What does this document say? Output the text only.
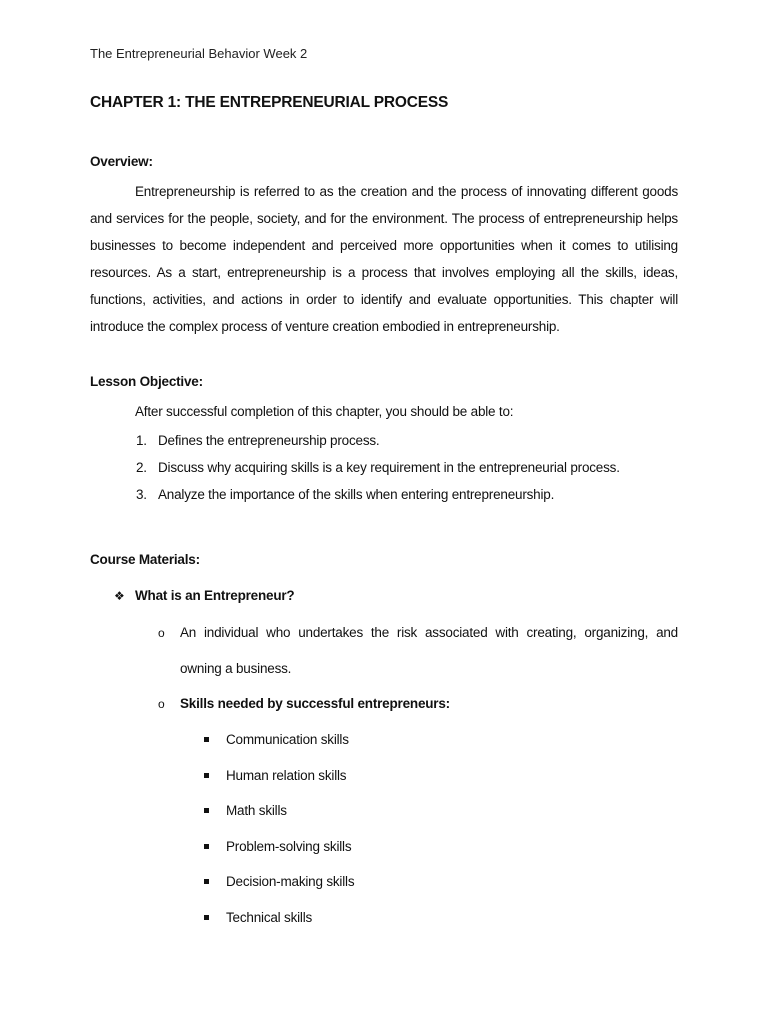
The Entrepreneurial Behavior Week 2
CHAPTER 1: THE ENTREPRENEURIAL PROCESS
Overview:
Entrepreneurship is referred to as the creation and the process of innovating different goods and services for the people, society, and for the environment. The process of entrepreneurship helps businesses to become independent and perceived more opportunities when it comes to utilising resources. As a start, entrepreneurship is a process that involves employing all the skills, ideas, functions, activities, and actions in order to identify and evaluate opportunities. This chapter will introduce the complex process of venture creation embodied in entrepreneurship.
Lesson Objective:
After successful completion of this chapter, you should be able to:
1. Defines the entrepreneurship process.
2. Discuss why acquiring skills is a key requirement in the entrepreneurial process.
3. Analyze the importance of the skills when entering entrepreneurship.
Course Materials:
❖ What is an Entrepreneur?
o An individual who undertakes the risk associated with creating, organizing, and owning a business.
o Skills needed by successful entrepreneurs:
Communication skills
Human relation skills
Math skills
Problem-solving skills
Decision-making skills
Technical skills
